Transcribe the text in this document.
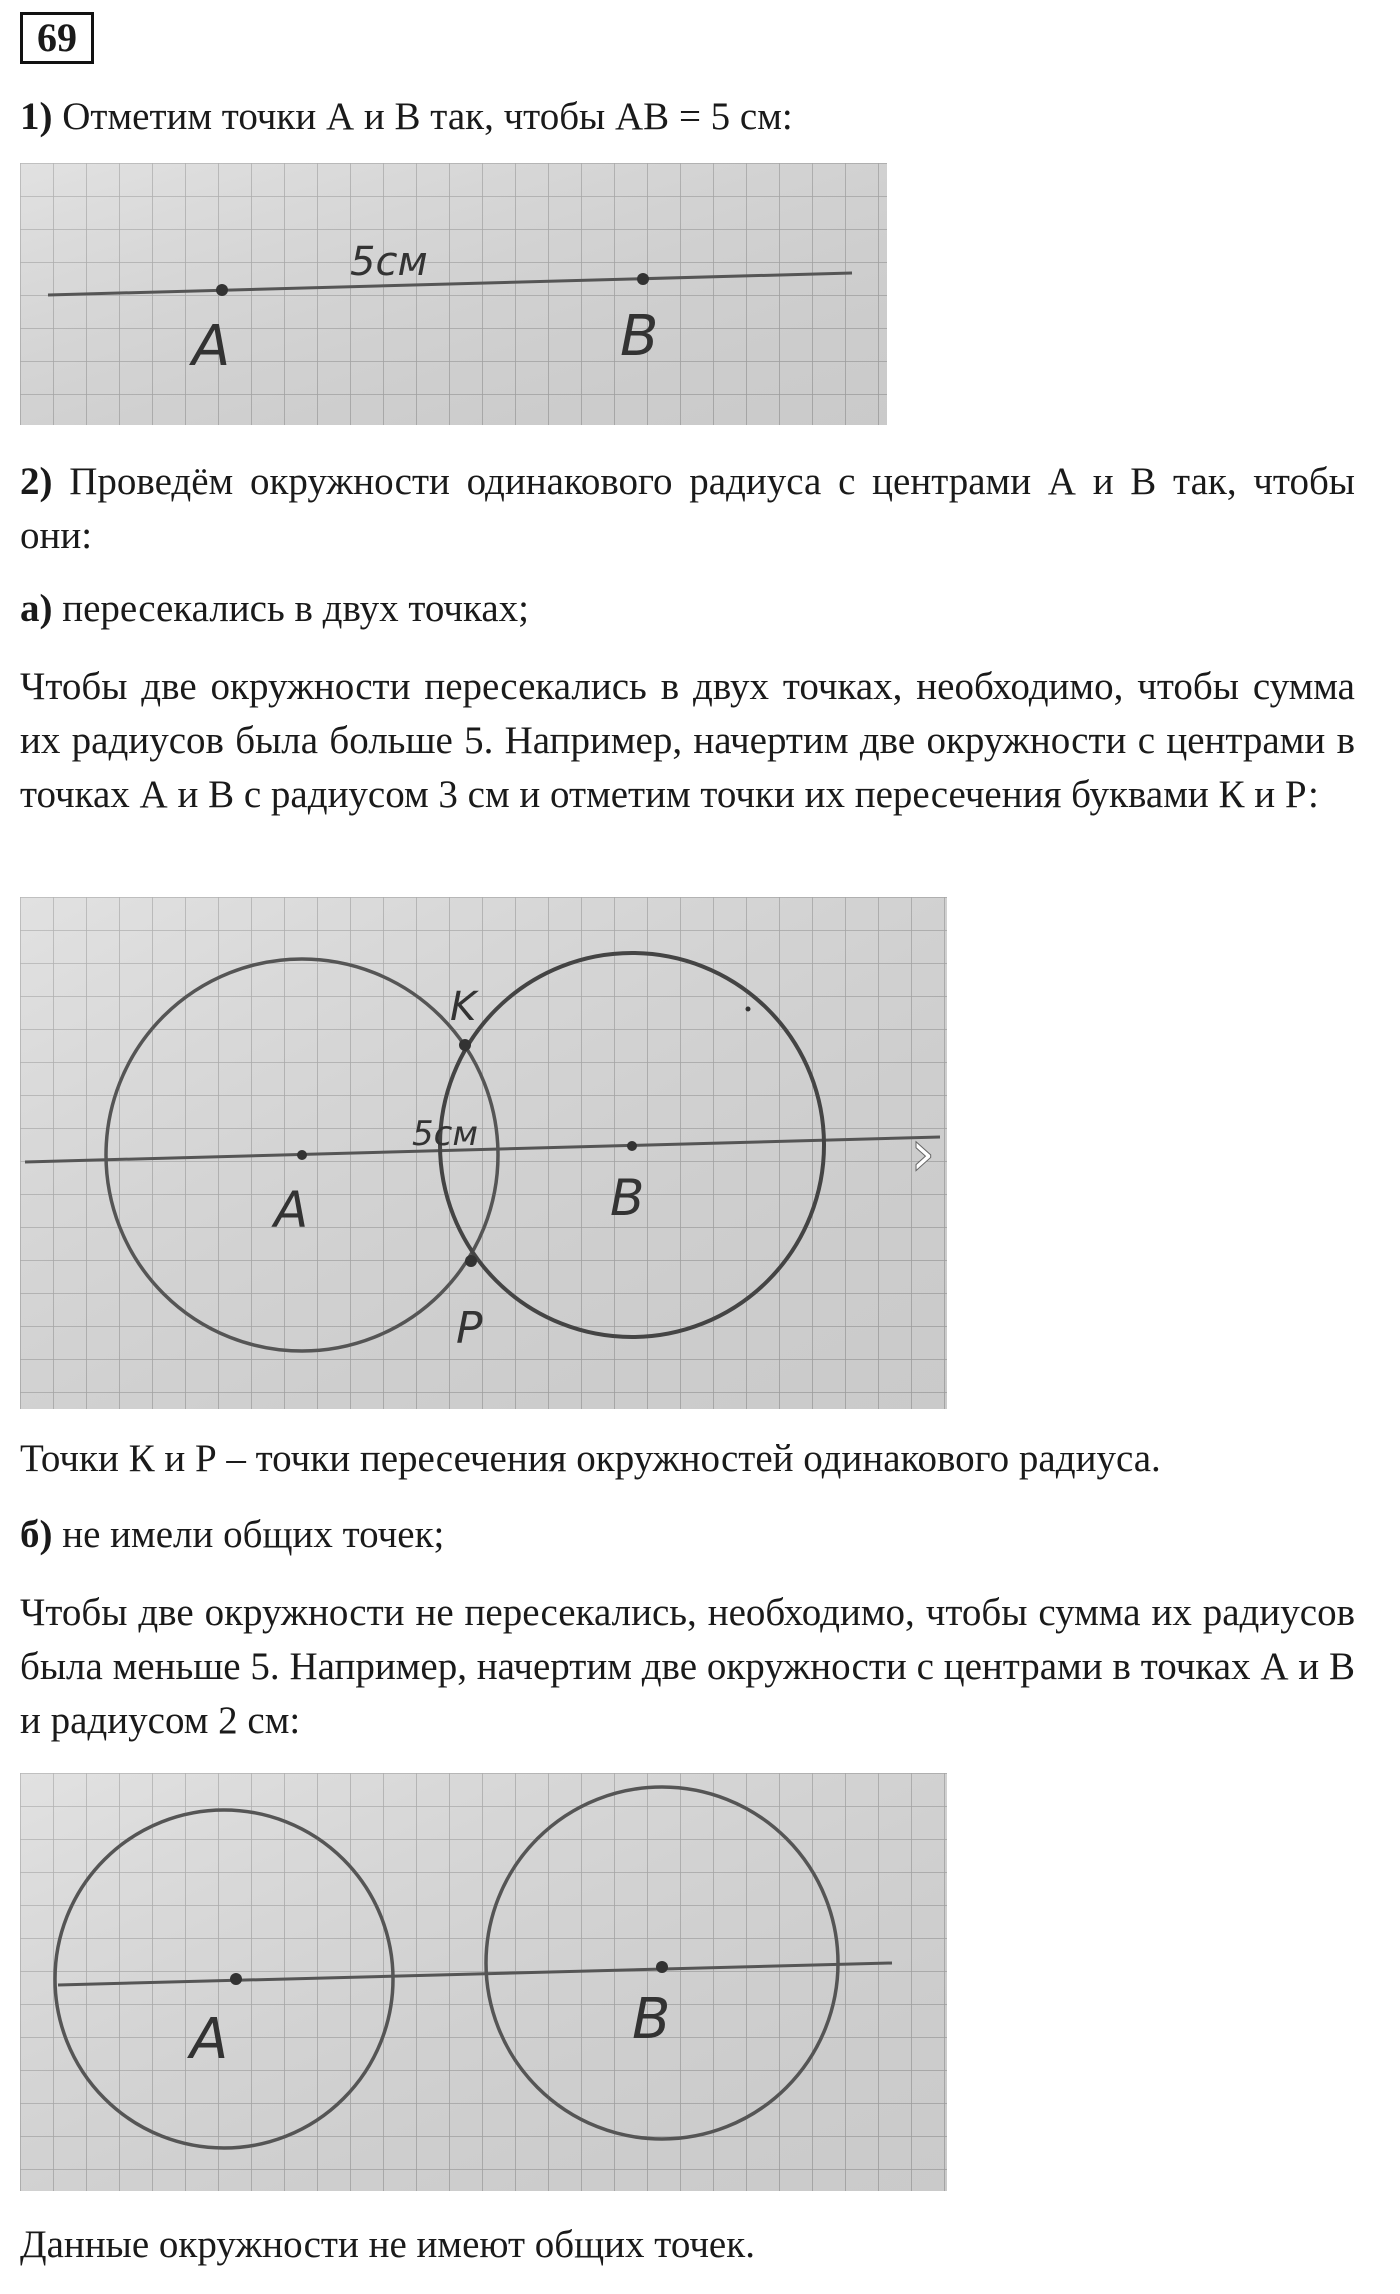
69
1) Отметим точки А и В так, чтобы АВ = 5 см:
5см
A	B
2) Проведём окружности одинакового радиуса с центрами А и В так, чтобы они:
а) пересекались в двух точках;
Чтобы две окружности пересекались в двух точках, необходимо, чтобы сумма их радиусов была больше 5. Например, начертим две окружности с центрами в точках А и В с радиусом 3 см и отметим точки их пересечения буквами К и Р:
K
P
5см
A	B
›
Точки К и Р – точки пересечения окружностей одинакового радиуса.
б) не имели общих точек;
Чтобы две окружности не пересекались, необходимо, чтобы сумма их радиусов была меньше 5. Например, начертим две окружности с центрами в точках А и В и радиусом 2 см:
A	B
Данные окружности не имеют общих точек.
